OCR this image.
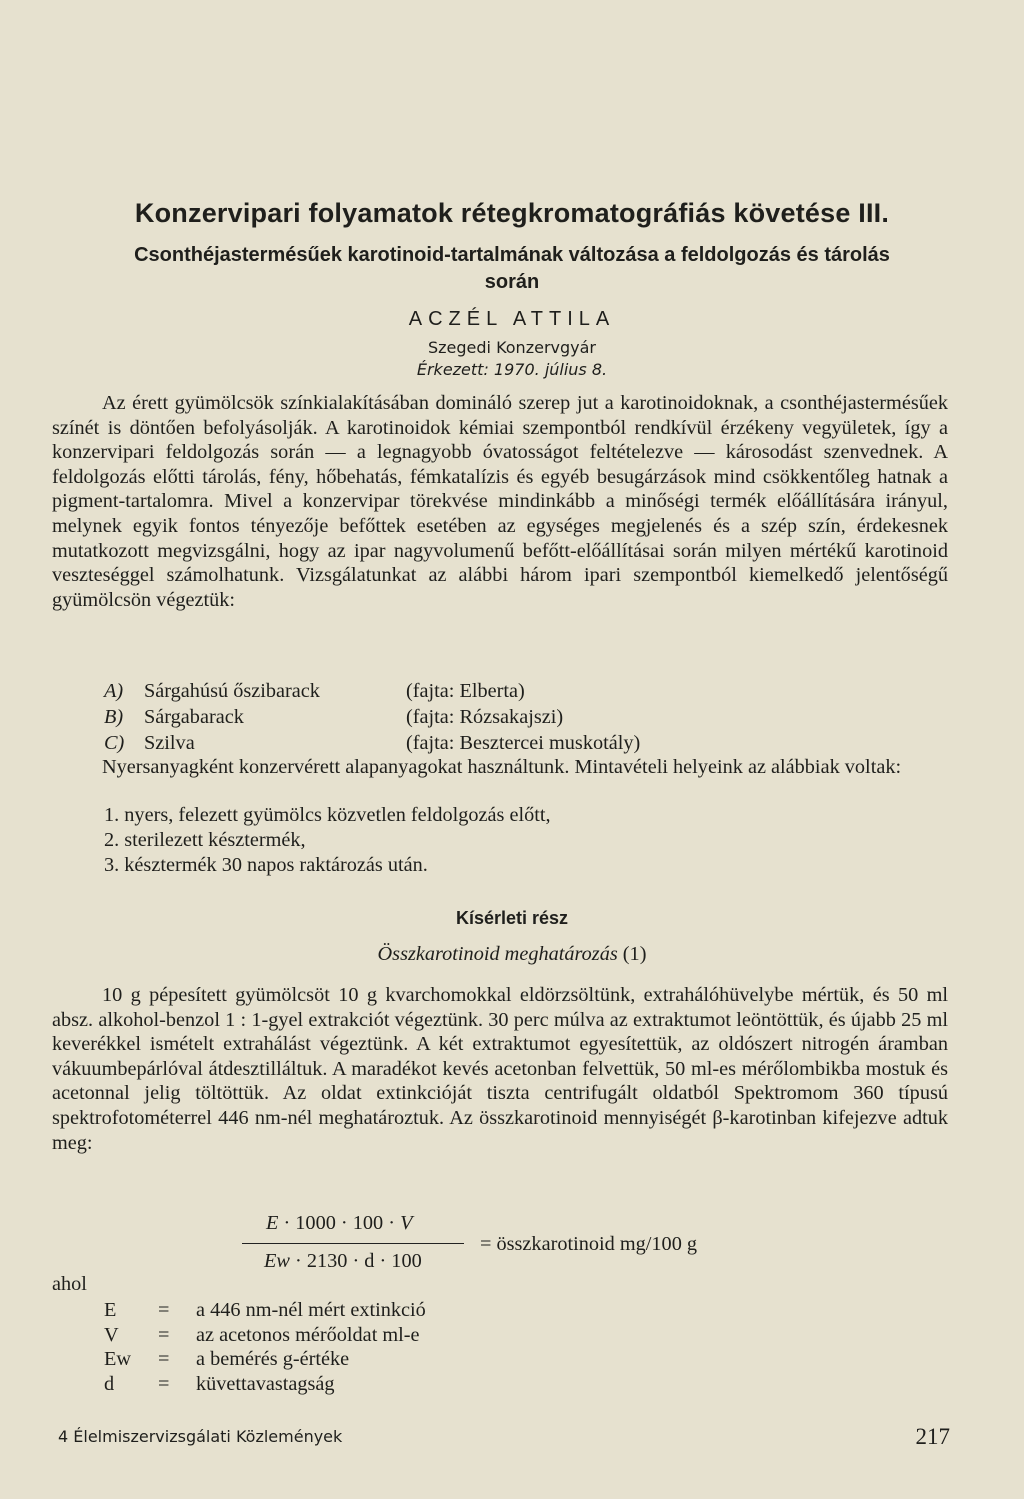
Konzervipari folyamatok rétegkromatográfiás követése III.
Csonthéjastermésűek karotinoid-tartalmának változása a feldolgozás és tárolás során
ACZÉL ATTILA
Szegedi Konzervgyár
Érkezett: 1970. július 8.

Az érett gyümölcsök színkialakításában domináló szerep jut a karotinoidoknak, a csonthéjastermésűek színét is döntően befolyásolják. A karotinoidok kémiai szempontból rendkívül érzékeny vegyületek, így a konzervipari feldolgozás során — a legnagyobb óvatosságot feltételezve — károsodást szenvednek. A feldolgozás előtti tárolás, fény, hőbehatás, fémkatalízis és egyéb besugárzások mind csökkentőleg hatnak a pigment-tartalomra. Mivel a konzervipar törekvése mindinkább a minőségi termék előállítására irányul, melynek egyik fontos tényezője befőttek esetében az egységes megjelenés és a szép szín, érdekesnek mutatkozott megvizsgálni, hogy az ipar nagyvolumenű befőtt-előállításai során milyen mértékű karotinoid veszteséggel számolhatunk. Vizsgálatunkat az alábbi három ipari szempontból kiemelkedő jelentőségű gyümölcsön végeztük:

A)	Sárgahúsú őszibarack	(fajta: Elberta)
B)	Sárgabarack	(fajta: Rózsakajszi)
C) Szilva	(fajta: Besztercei muskotály)

Nyersanyagként konzervérett alapanyagokat használtunk. Mintavételi helyeink az alábbiak voltak:

1. nyers, felezett gyümölcs közvetlen feldolgozás előtt,
2. sterilezett késztermék,
3. késztermék 30 napos raktározás után.
Kísérleti rész
Összkarotinoid meghatározás (1)

10 g pépesített gyümölcsöt 10 g kvarchomokkal eldörzsöltünk, extrahálóhüvelybe mértük, és 50 ml absz. alkohol-benzol 1 : 1-gyel extrakciót végeztünk. 30 perc múlva az extraktumot leöntöttük, és újabb 25 ml keverékkel ismételt extrahálást végeztünk. A két extraktumot egyesítettük, az oldószert nitrogén áramban vákuumbepárlóval átdesztilláltuk. A maradékot kevés acetonban felvettük, 50 ml-es mérőlombikba mostuk és acetonnal jelig töltöttük. Az oldat extinkcióját tiszta centrifugált oldatból Spektromom 360 típusú spektrofotométerrel 446 nm-nél meghatároztuk. Az összkarotinoid mennyiségét β-karotinban kifejezve adtuk meg:

E · 1000 · 100 · V
Ew · 2130 · d · 100
= összkarotinoid mg/100 g
ahol
E	=	a 446 nm-nél mért extinkció
V	=	az acetonos mérőoldat ml-e
Ew	=	a bemérés g-értéke
d	=	küvettavastagság
4 Élelmiszervizsgálati Közlemények	217
